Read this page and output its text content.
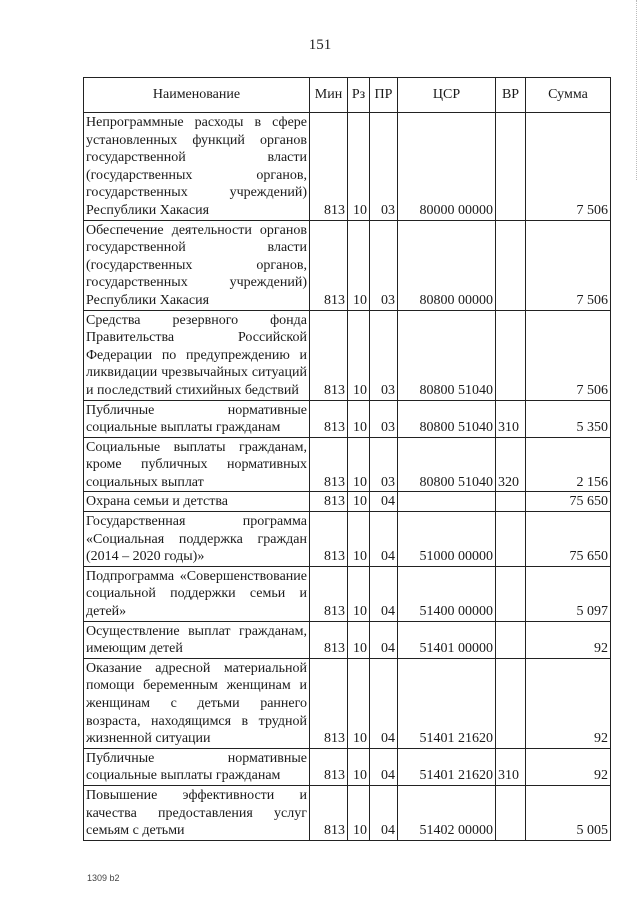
151
Наименование	Мин	Рз	ПР	ЦСР	ВР	Сумма
Непрограммные расходы в сфере установленных функций органов государственной власти (государственных органов, государственных учреждений) Республики Хакасия	813	10	03	80000 00000		7 506
Обеспечение деятельности органов государственной власти (государственных органов, государственных учреждений) Республики Хакасия	813	10	03	80800 00000		7 506
Средства резервного фонда Правительства Российской Федерации по предупреждению и ликвидации чрезвычайных ситуаций и последствий стихийных бедствий	813	10	03	80800 51040		7 506
Публичные нормативные социальные выплаты гражданам	813	10	03	80800 51040	310	5 350
Социальные выплаты гражданам, кроме публичных нормативных социальных выплат	813	10	03	80800 51040	320	2 156
Охрана семьи и детства	813	10	04			75 650
Государственная программа «Социальная поддержка граждан (2014 – 2020 годы)»	813	10	04	51000 00000		75 650
Подпрограмма «Совершенствование социальной поддержки семьи и детей»	813	10	04	51400 00000		5 097
Осуществление выплат гражданам, имеющим детей	813	10	04	51401 00000		92
Оказание адресной материальной помощи беременным женщинам и женщинам с детьми раннего возраста, находящимся в трудной жизненной ситуации	813	10	04	51401 21620		92
Публичные нормативные социальные выплаты гражданам	813	10	04	51401 21620	310	92
Повышение эффективности и качества предоставления услуг семьям с детьми	813	10	04	51402 00000		5 005
1309 b2
